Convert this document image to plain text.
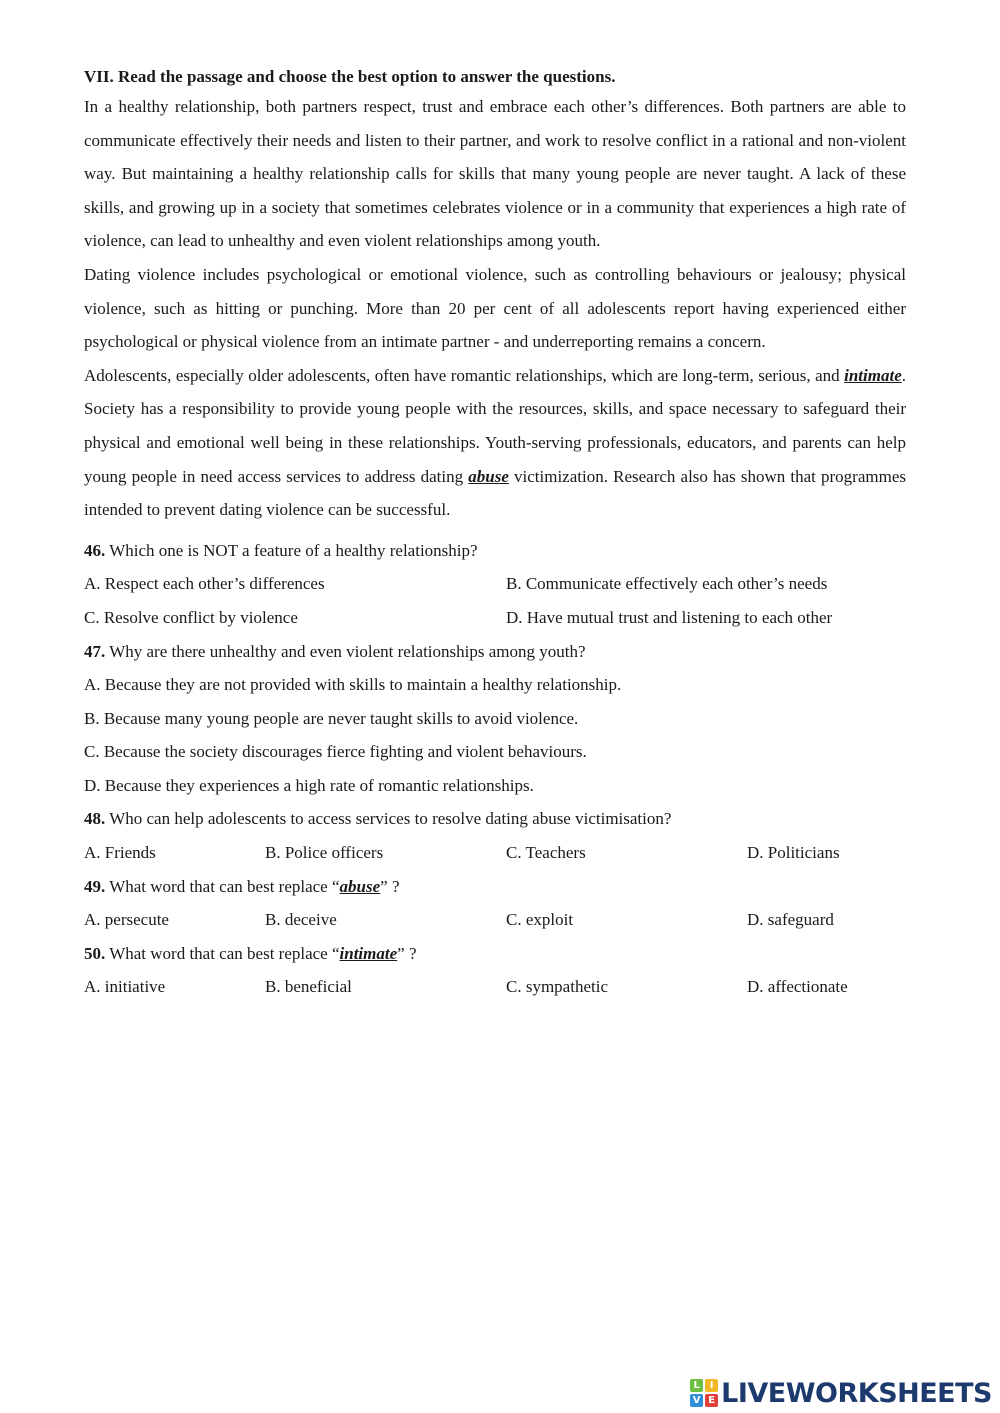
VII. Read the passage and choose the best option to answer the questions.

In a healthy relationship, both partners respect, trust and embrace each other’s differences. Both partners are able to communicate effectively their needs and listen to their partner, and work to resolve conflict in a rational and non-violent way. But maintaining a healthy relationship calls for skills that many young people are never taught. A lack of these skills, and growing up in a society that sometimes celebrates violence or in a community that experiences a high rate of violence, can lead to unhealthy and even violent relationships among youth.

Dating violence includes psychological or emotional violence, such as controlling behaviours or jealousy; physical violence, such as hitting or punching. More than 20 per cent of all adolescents report having experienced either psychological or physical violence from an intimate partner - and underreporting remains a concern.

Adolescents, especially older adolescents, often have romantic relationships, which are long-term, serious, and intimate. Society has a responsibility to provide young people with the resources, skills, and space necessary to safeguard their physical and emotional well being in these relationships. Youth-serving professionals, educators, and parents can help young people in need access services to address dating abuse victimization. Research also has shown that programmes intended to prevent dating violence can be successful.

46. Which one is NOT a feature of a healthy relationship?

A. Respect each other’s differences	B. Communicate effectively each other’s needs
C. Resolve conflict by violence	D. Have mutual trust and listening to each other

47. Why are there unhealthy and even violent relationships among youth?

A. Because they are not provided with skills to maintain a healthy relationship.
B. Because many young people are never taught skills to avoid violence.
C. Because the society discourages fierce fighting and violent behaviours.
D. Because they experiences a high rate of romantic relationships.

48. Who can help adolescents to access services to resolve dating abuse victimisation?

A. Friends	B. Police officers	C. Teachers	D. Politicians

49. What word that can best replace “abuse” ?

A. persecute	B. deceive	C. exploit	D. safeguard

50. What word that can best replace “intimate” ?

A. initiative	B. beneficial	C. sympathetic	D. affectionate
L I
V E LIVEWORKSHEETS
